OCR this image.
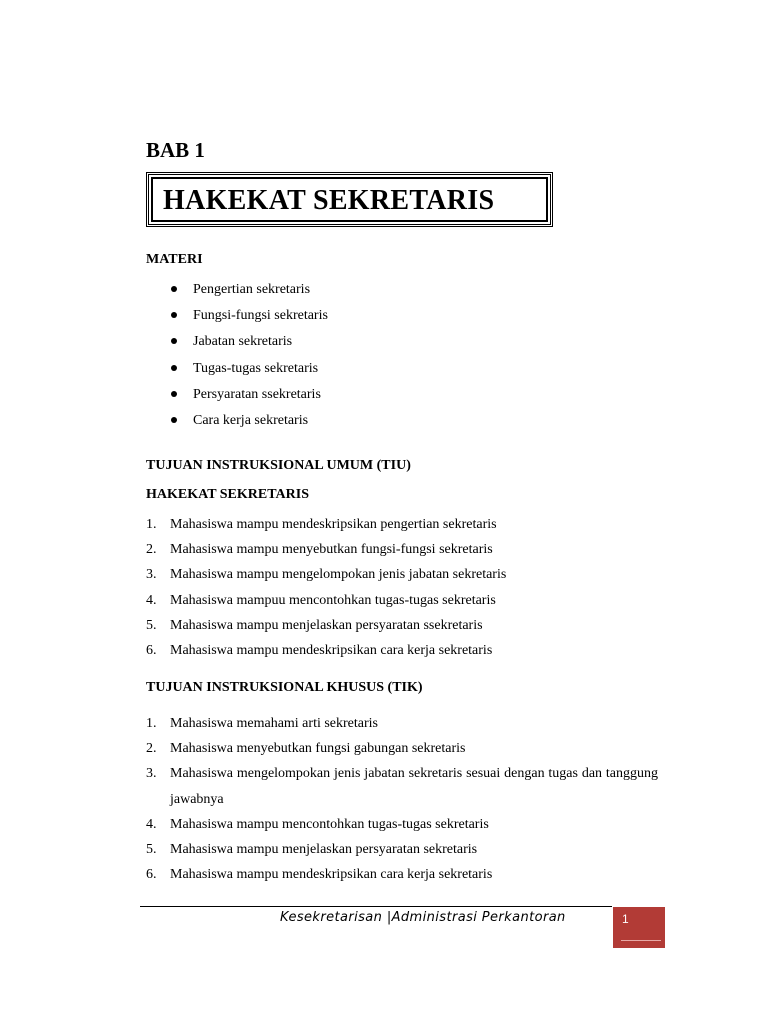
BAB 1
HAKEKAT SEKRETARIS
MATERI
Pengertian sekretaris
Fungsi-fungsi sekretaris
Jabatan sekretaris
Tugas-tugas sekretaris
Persyaratan ssekretaris
Cara kerja sekretaris
TUJUAN INSTRUKSIONAL UMUM (TIU)
HAKEKAT SEKRETARIS
1. Mahasiswa mampu mendeskripsikan pengertian sekretaris
2. Mahasiswa mampu menyebutkan fungsi-fungsi sekretaris
3. Mahasiswa mampu mengelompokan jenis jabatan sekretaris
4. Mahasiswa mampuu mencontohkan tugas-tugas sekretaris
5. Mahasiswa mampu menjelaskan persyaratan ssekretaris
6. Mahasiswa mampu mendeskripsikan cara kerja sekretaris
TUJUAN INSTRUKSIONAL KHUSUS (TIK)
1. Mahasiswa memahami arti sekretaris
2. Mahasiswa menyebutkan fungsi gabungan sekretaris
3. Mahasiswa mengelompokan jenis jabatan sekretaris sesuai dengan tugas dan tanggung jawabnya
4. Mahasiswa mampu mencontohkan tugas-tugas sekretaris
5. Mahasiswa mampu menjelaskan persyaratan sekretaris
6. Mahasiswa mampu mendeskripsikan cara kerja sekretaris
Kesekretarisan |Administrasi Perkantoran	1
